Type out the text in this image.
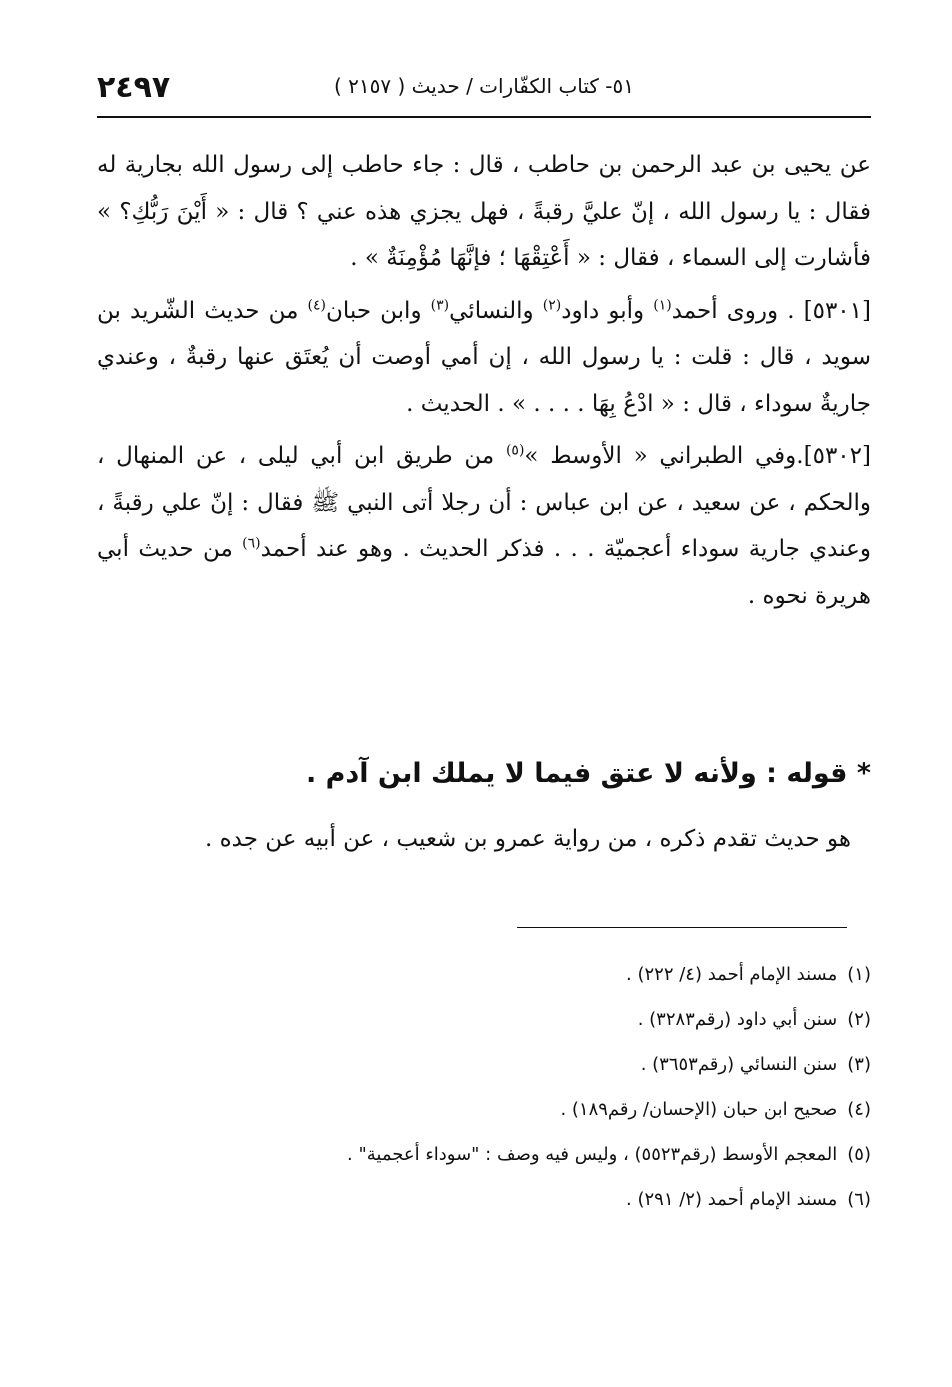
٢٤٩٧	٥١- كتاب الكفّارات / حديث ( ٢١٥٧ )

عن يحيى بن عبد الرحمن بن حاطب ، قال : جاء حاطب إلى رسول الله بجارية له فقال : يا رسول الله ، إنّ عليَّ رقبةً ، فهل يجزي هذه عني ؟ قال : « أَيْنَ رَبُّكِ؟ » فأشارت إلى السماء ، فقال : « أَعْتِقْهَا ؛ فإنَّهَا مُؤْمِنَةٌ » .

[٥٣٠١] . وروى أحمد$^{(١)}$ وأبو داود$^{(٢)}$ والنسائي$^{(٣)}$ وابن حبان$^{(٤)}$ من حديث الشّريد بن سويد ، قال : قلت : يا رسول الله ، إن أمي أوصت أن يُعتَق عنها رقبةٌ ، وعندي جاريةٌ سوداء ، قال : « ادْعُ بِهَا . . . . » . الحديث .

[٥٣٠٢].وفي الطبراني « الأوسط »$^{(٥)}$ من طريق ابن أبي ليلى ، عن المنهال ، والحكم ، عن سعيد ، عن ابن عباس : أن رجلا أتى النبي ﷺ فقال : إنّ علي رقبةً ، وعندي جارية سوداء أعجميّة . . . فذكر الحديث . وهو عند أحمد$^{(٦)}$ من حديث أبي هريرة نحوه .

* قوله : ولأنه لا عتق فيما لا يملك ابن آدم .
هو حديث تقدم ذكره ، من رواية عمرو بن شعيب ، عن أبيه عن جده .
(١)مسند الإمام أحمد (٤/ ٢٢٢) .
(٢)سنن أبي داود (رقم٣٢٨٣) .
(٣)سنن النسائي (رقم٣٦٥٣) .
(٤)صحيح ابن حبان (الإحسان/ رقم١٨٩) .
(٥)المعجم الأوسط (رقم٥٥٢٣) ، وليس فيه وصف : "سوداء أعجمية" .
(٦)مسند الإمام أحمد (٢/ ٢٩١) .
